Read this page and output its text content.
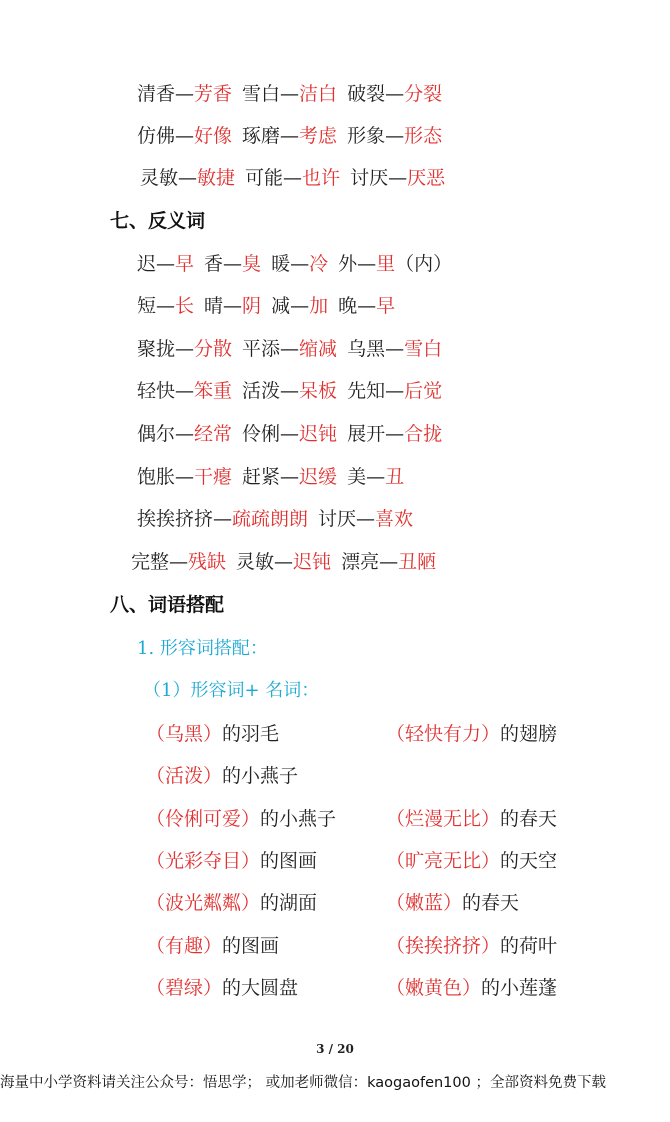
清香—芳香 雪白—洁白 破裂—分裂
仿佛—好像 琢磨—考虑 形象—形态
灵敏—敏捷 可能—也许 讨厌—厌恶
七、反义词
迟—早 香—臭 暖—冷 外—里（内）
短—长 晴—阴 减—加 晚—早
聚拢—分散 平添—缩减 乌黑—雪白
轻快—笨重 活泼—呆板 先知—后觉
偶尔—经常 伶俐—迟钝 展开—合拢
饱胀—干瘪 赶紧—迟缓 美—丑
挨挨挤挤—疏疏朗朗 讨厌—喜欢
完整—残缺 灵敏—迟钝 漂亮—丑陋
八、词语搭配
1. 形容词搭配：
（1）形容词+ 名词：
（乌黑）的羽毛	（轻快有力）的翅膀
（活泼）的小燕子
（伶俐可爱）的小燕子	（烂漫无比）的春天
（光彩夺目）的图画	（旷亮无比）的天空
（波光粼粼）的湖面	（嫩蓝）的春天
（有趣）的图画	（挨挨挤挤）的荷叶
（碧绿）的大圆盘	（嫩黄色）的小莲蓬
3 / 20
海量中小学资料请关注公众号：悟思学； 或加老师微信：kaogaofen100 ；全部资料免费下载
